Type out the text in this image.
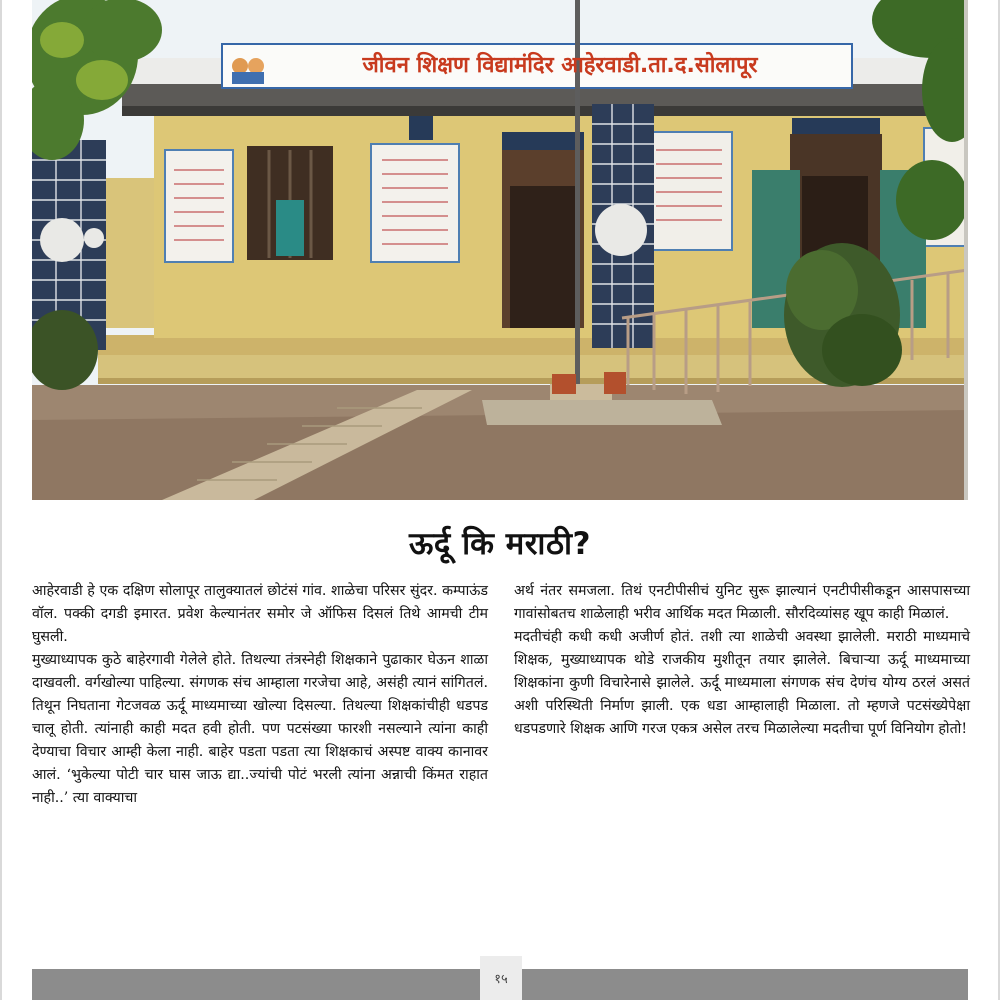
जीवन शिक्षण विद्यामंदिर आहेरवाडी.ता.द.सोलापूर
ऊर्दू कि मराठी?

आहेरवाडी हे एक दक्षिण सोलापूर तालुक्यातलं छोटंसं गांव. शाळेचा परिसर सुंदर. कम्पाऊंड वॉल. पक्की दगडी इमारत. प्रवेश केल्यानंतर समोर जे ऑफिस दिसलं तिथे आमची टीम घुसली.

मुख्याध्यापक कुठे बाहेरगावी गेलेले होते. तिथल्या तंत्रस्नेही शिक्षकाने पुढाकार घेऊन शाळा दाखवली. वर्गखोल्या पाहिल्या. संगणक संच आम्हाला गरजेचा आहे, असंही त्यानं सांगितलं. तिथून निघताना गेटजवळ ऊर्दू माध्यमाच्या खोल्या दिसल्या. तिथल्या शिक्षकांचीही धडपड चालू होती. त्यांनाही काही मदत हवी होती. पण पटसंख्या फारशी नसल्याने त्यांना काही देण्याचा विचार आम्ही केला नाही. बाहेर पडता पडता त्या शिक्षकाचं अस्पष्ट वाक्य कानावर आलं. ‘भुकेल्या पोटी चार घास जाऊ द्या..ज्यांची पोटं भरली त्यांना अन्नाची किंमत राहात नाही..’ त्या वाक्याचा

अर्थ नंतर समजला. तिथं एनटीपीसीचं युनिट सुरू झाल्यानं एनटीपीसीकडून आसपासच्या गावांसोबतच शाळेलाही भरीव आर्थिक मदत मिळाली. सौरदिव्यांसह खूप काही मिळालं.

मदतीचंही कधी कधी अजीर्ण होतं. तशी त्या शाळेची अवस्था झालेली. मराठी माध्यमाचे शिक्षक, मुख्याध्यापक थोडे राजकीय मुशीतून तयार झालेले. बिचाऱ्या ऊर्दू माध्यमाच्या शिक्षकांना कुणी विचारेनासे झालेले. ऊर्दू माध्यमाला संगणक संच देणंच योग्य ठरलं असतं अशी परिस्थिती निर्माण झाली. एक धडा आम्हालाही मिळाला. तो म्हणजे पटसंख्येपेक्षा धडपडणारे शिक्षक आणि गरज एकत्र असेल तरच मिळालेल्या मदतीचा पूर्ण विनियोग होतो!

१५
